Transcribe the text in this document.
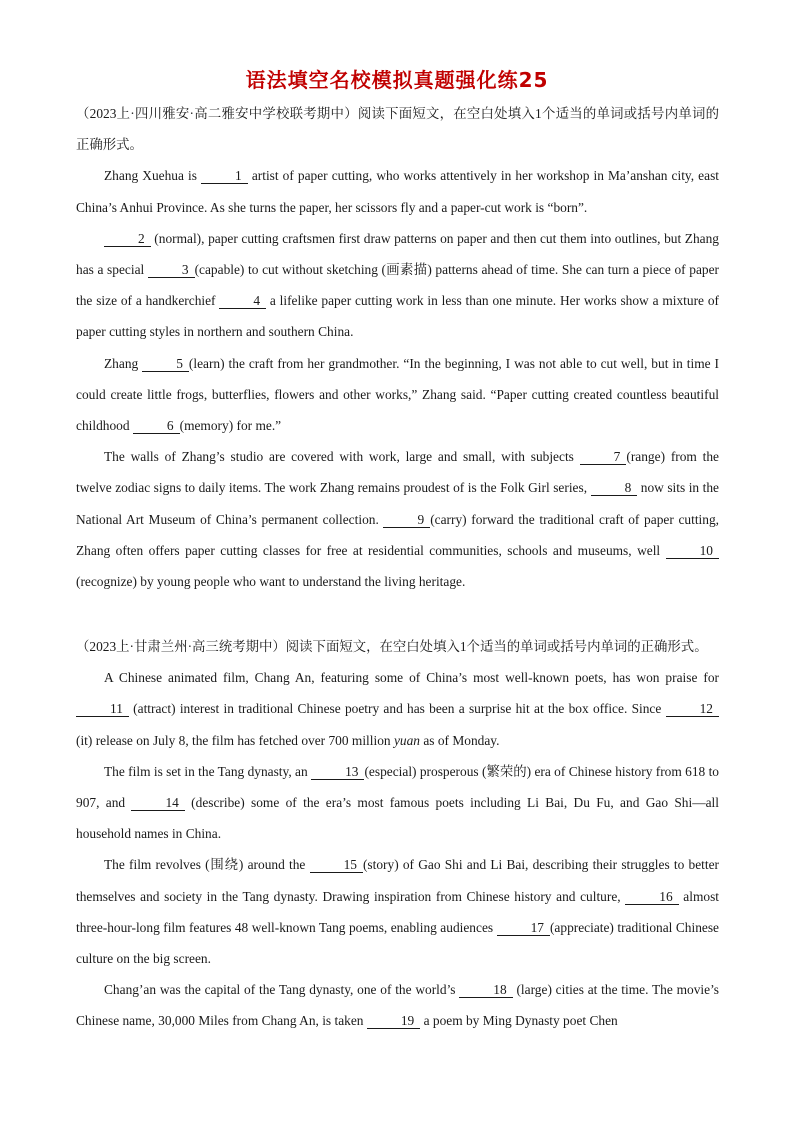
语法填空名校模拟真题强化练25
（2023上·四川雅安·高二雅安中学校联考期中）阅读下面短文，在空白处填入1个适当的单词或括号内单词的正确形式。

Zhang Xuehua is	1 artist of paper cutting, who works attentively in her workshop in Ma’anshan city, east China’s Anhui Province. As she turns the paper, her scissors fly and a paper-cut work is “born”.

2 (normal), paper cutting craftsmen first draw patterns on paper and then cut them into outlines, but Zhang has a special	3 (capable) to cut without sketching (画素描) patterns ahead of time. She can turn a piece of paper the size of a handkerchief	4 a lifelike paper cutting work in less than one minute. Her works show a mixture of paper cutting styles in northern and southern China.

Zhang	5 (learn) the craft from her grandmother. “In the beginning, I was not able to cut well, but in time I could create little frogs, butterflies, flowers and other works,” Zhang said. “Paper cutting created countless beautiful childhood	6 (memory) for me.”

The walls of Zhang’s studio are covered with work, large and small, with subjects	7 (range) from the twelve zodiac signs to daily items. The work Zhang remains proudest of is the Folk Girl series,	8 now sits in the National Art Museum of China’s permanent collection.	9 (carry) forward the traditional craft of paper cutting, Zhang often offers paper cutting classes for free at residential communities, schools and museums, well	10(recognize) by young people who want to understand the living heritage.

（2023上·甘肃兰州·高三统考期中）阅读下面短文，在空白处填入1个适当的单词或括号内单词的正确形式。

A Chinese animated film, Chang An, featuring some of China’s most well-known poets, has won praise for 11 (attract) interest in traditional Chinese poetry and has been a surprise hit at the box office. Since	12 (it) release on July 8, the film has fetched over 700 million yuan as of Monday.

The film is set in the Tang dynasty, an	13 (especial) prosperous (繁荣的) era of Chinese history from 618 to 907, and	14 (describe) some of the era’s most famous poets including Li Bai, Du Fu, and Gao Shi—all household names in China.

The film revolves (围绕) around the	15 (story) of Gao Shi and Li Bai, describing their struggles to better themselves and society in the Tang dynasty. Drawing inspiration from Chinese history and culture,	16 almost three-hour-long film features 48 well-known Tang poems, enabling audiences	17 (appreciate) traditional Chinese culture on the big screen.

Chang’an was the capital of the Tang dynasty, one of the world’s	18 (large) cities at the time. The movie’s Chinese name, 30,000 Miles from Chang An, is taken	19 a poem by Ming Dynasty poet Chen
